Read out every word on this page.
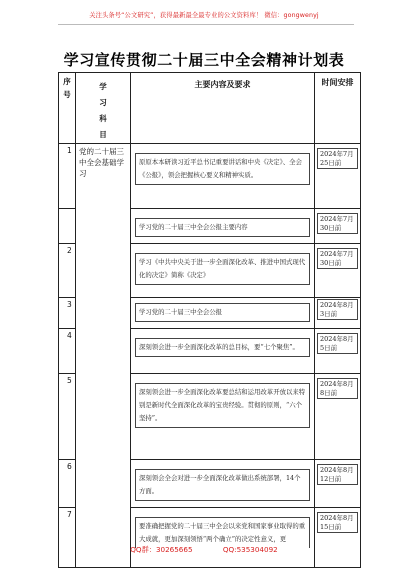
关注头条号“公文研究”，获得最新最全最专业的公文资料库！ 微信：gongwenyj
学习宣传贯彻二十届三中全会精神计划表
序号	学习科目	主要内容及要求	时间安排
1	党的二十届三中全会基础学习	原原本本研读习近平总书记重要讲话和中央《决定》、全会《公报》，领会把握核心要义和精神实质。	2024年7月25日前

		学习党的二十届三中全会公报主要内容	2024年7月30日前
2		学习《中共中央关于进一步全面深化改革、推进中国式现代化的决定》简称《决定》	2024年7月30日前
3		学习党的二十届三中全会公报	2024年8月3日前
4		深刻领会进一步全面深化改革的总目标，要“七个聚焦”。	2024年8月5日前
5		深刻领会进一步全面深化改革要总结和运用改革开放以来特别是新时代全面深化改革的宝贵经验。贯彻的原则，“六个坚持”。	2024年8月8日前
6		深刻领会全会对进一步全面深化改革做出系统部署，14个方面。	2024年8月12日前
7		要准确把握党的二十届三中全会以来党和国家事业取得的重大成就，更加深刻领悟“两个确立”的决定性意义，更	2024年8月15日前
QQ群：30265665	QQ:535304092
